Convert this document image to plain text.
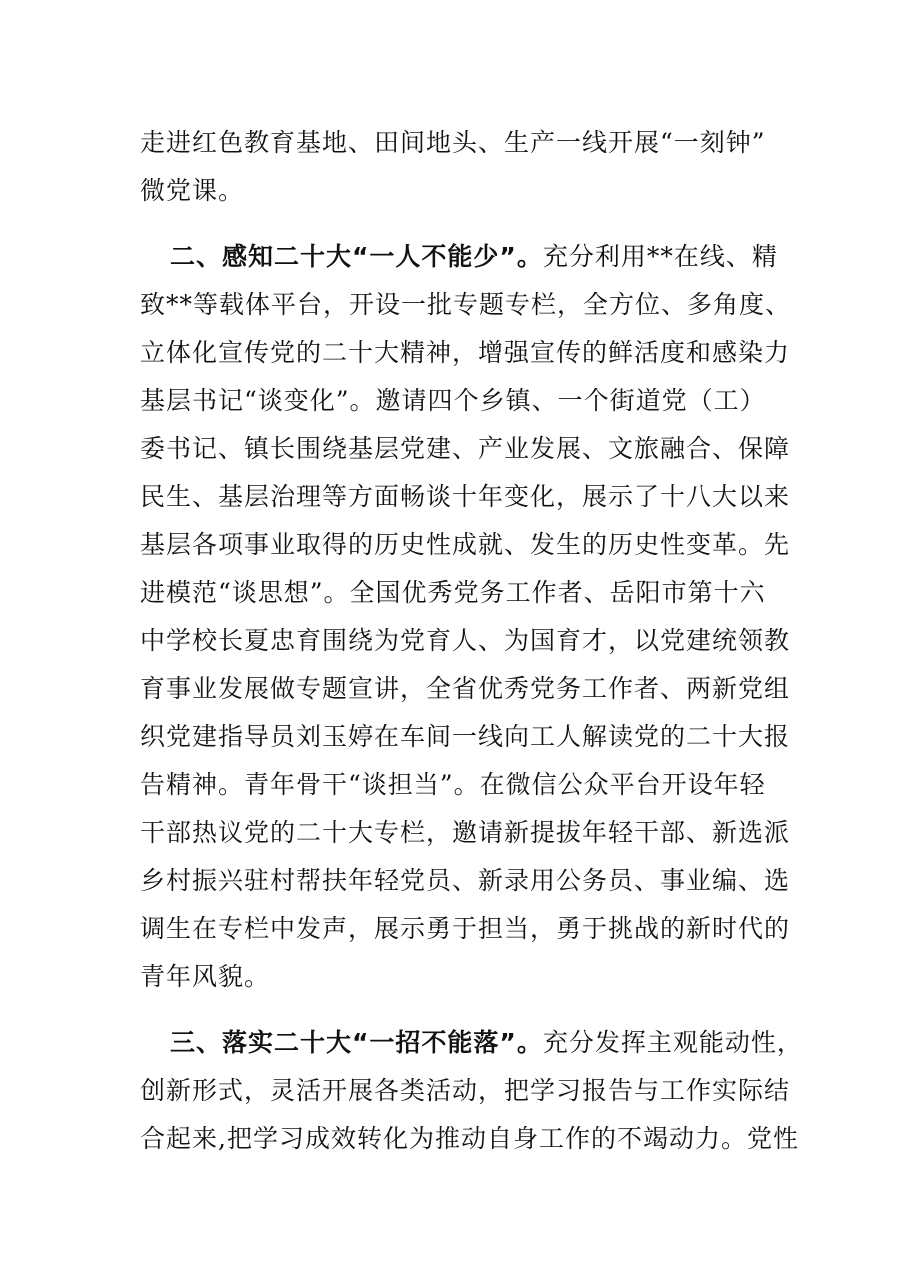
走进红色教育基地、田间地头、生产一线开展“一刻钟”
微党课。
二、感知二十大“一人不能少”。充分利用**在线、精
致**等载体平台，开设一批专题专栏，全方位、多角度、
立体化宣传党的二十大精神，增强宣传的鲜活度和感染力
基层书记“谈变化”。邀请四个乡镇、一个街道党（工）
委书记、镇长围绕基层党建、产业发展、文旅融合、保障
民生、基层治理等方面畅谈十年变化，展示了十八大以来
基层各项事业取得的历史性成就、发生的历史性变革。先
进模范“谈思想”。全国优秀党务工作者、岳阳市第十六
中学校长夏忠育围绕为党育人、为国育才，以党建统领教
育事业发展做专题宣讲，全省优秀党务工作者、两新党组
织党建指导员刘玉婷在车间一线向工人解读党的二十大报
告精神。青年骨干“谈担当”。在微信公众平台开设年轻
干部热议党的二十大专栏，邀请新提拔年轻干部、新选派
乡村振兴驻村帮扶年轻党员、新录用公务员、事业编、选
调生在专栏中发声，展示勇于担当，勇于挑战的新时代的
青年风貌。
三、落实二十大“一招不能落”。充分发挥主观能动性，
创新形式，灵活开展各类活动，把学习报告与工作实际结
合起来,把学习成效转化为推动自身工作的不竭动力。党性
